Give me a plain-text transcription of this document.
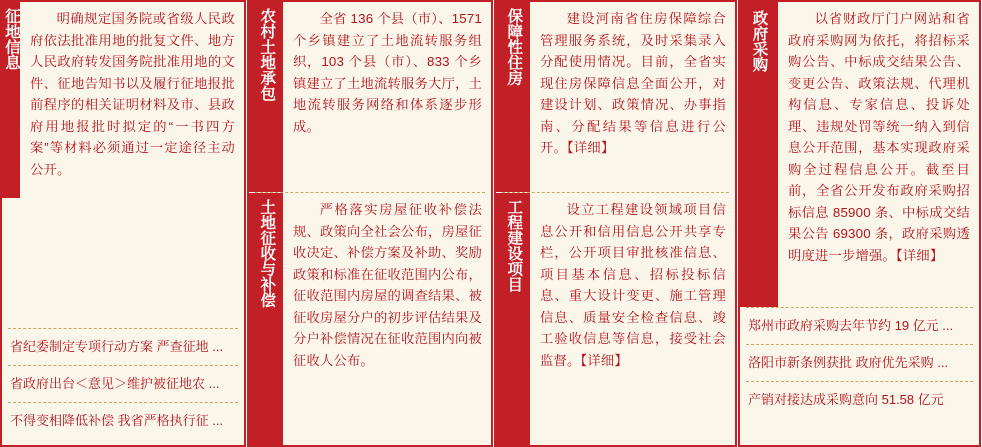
征地信息	明确规定国务院或省级人民政府依法批准用地的批复文件、地方人民政府转发国务院批准用地的文件、征地告知书以及履行征地报批前程序的相关证明材料及市、县政府用地报批时拟定的“一书四方案”等材料必须通过一定途径主动公开。
省纪委制定专项行动方案 严查征地 ...
省政府出台＜意见＞维护被征地农 ...
不得变相降低补偿 我省严格执行征 ...
农村土地承包	全省 136 个县（市）、1571 个乡镇建立了土地流转服务组织，103 个县（市）、833 个乡镇建立了土地流转服务大厅，土地流转服务网络和体系逐步形成。
土地征收与补偿	严格落实房屋征收补偿法规、政策向全社会公布，房屋征收决定、补偿方案及补助、奖励政策和标准在征收范围内公布，征收范围内房屋的调查结果、被征收房屋分户的初步评估结果及分户补偿情况在征收范围内向被征收人公布。
保障性住房	建设河南省住房保障综合管理服务系统，及时采集录入分配使用情况。目前，全省实现住房保障信息全面公开，对建设计划、政策情况、办事指南、分配结果等信息进行公开。【详细】
工程建设项目	设立工程建设领域项目信息公开和信用信息公开共享专栏，公开项目审批核准信息、项目基本信息、招标投标信息、重大设计变更、施工管理信息、质量安全检查信息、竣工验收信息等信息，接受社会监督。【详细】
政府采购	以省财政厅门户网站和省政府采购网为依托，将招标采购公告、中标成交结果公告、变更公告、政策法规、代理机构信息、专家信息、投诉处理、违规处罚等统一纳入到信息公开范围，基本实现政府采购全过程信息公开。截至目前，全省公开发布政府采购招标信息 85900 条、中标成交结果公告 69300 条，政府采购透明度进一步增强。【详细】
郑州市政府采购去年节约 19 亿元 ...
洛阳市新条例获批 政府优先采购 ...
产销对接达成采购意向 51.58 亿元
